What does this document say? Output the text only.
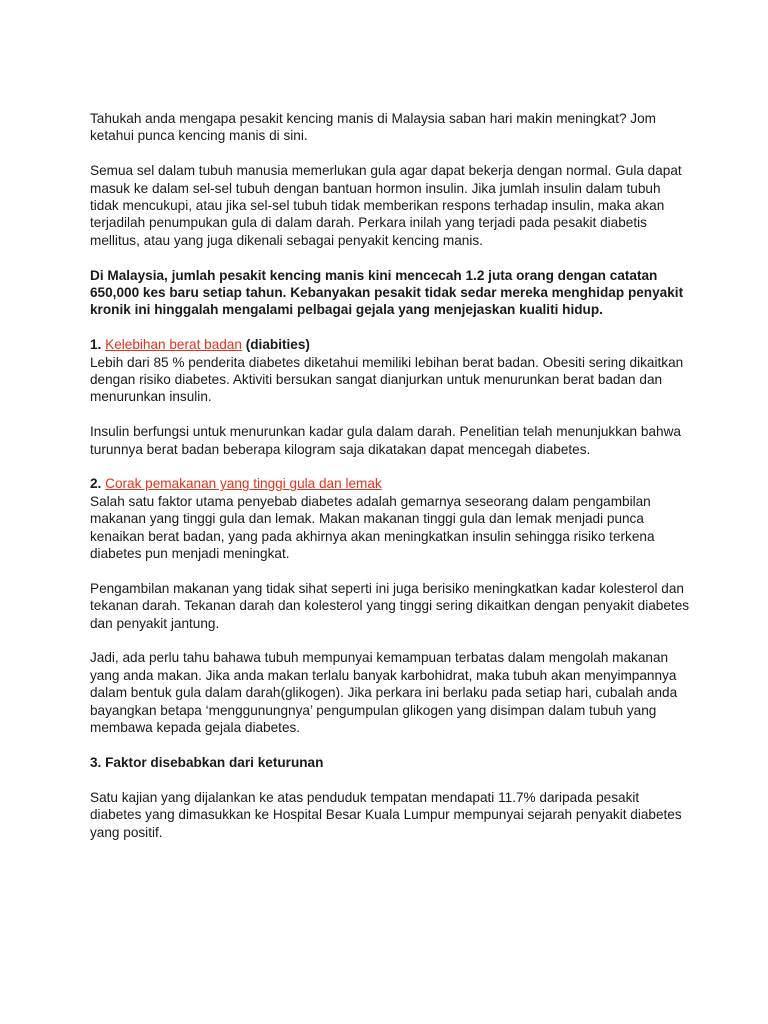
Tahukah anda mengapa pesakit kencing manis di Malaysia saban hari makin meningkat? Jom ketahui punca kencing manis di sini.

Semua sel dalam tubuh manusia memerlukan gula agar dapat bekerja dengan normal. Gula dapat masuk ke dalam sel-sel tubuh dengan bantuan hormon insulin. Jika jumlah insulin dalam tubuh tidak mencukupi, atau jika sel-sel tubuh tidak memberikan respons terhadap insulin, maka akan terjadilah penumpukan gula di dalam darah. Perkara inilah yang terjadi pada pesakit diabetis mellitus, atau yang juga dikenali sebagai penyakit kencing manis.

Di Malaysia, jumlah pesakit kencing manis kini mencecah 1.2 juta orang dengan catatan 650,000 kes baru setiap tahun. Kebanyakan pesakit tidak sedar mereka menghidap penyakit kronik ini hinggalah mengalami pelbagai gejala yang menjejaskan kualiti hidup.

1. Kelebihan berat badan (diabities)

Lebih dari 85 % penderita diabetes diketahui memiliki lebihan berat badan. Obesiti sering dikaitkan dengan risiko diabetes. Aktiviti bersukan sangat dianjurkan untuk menurunkan berat badan dan menurunkan insulin.

Insulin berfungsi untuk menurunkan kadar gula dalam darah. Penelitian telah menunjukkan bahwa turunnya berat badan beberapa kilogram saja dikatakan dapat mencegah diabetes.

2. Corak pemakanan yang tinggi gula dan lemak

Salah satu faktor utama penyebab diabetes adalah gemarnya seseorang dalam pengambilan makanan yang tinggi gula dan lemak. Makan makanan tinggi gula dan lemak menjadi punca kenaikan berat badan, yang pada akhirnya akan meningkatkan insulin sehingga risiko terkena diabetes pun menjadi meningkat.

Pengambilan makanan yang tidak sihat seperti ini juga berisiko meningkatkan kadar kolesterol dan tekanan darah. Tekanan darah dan kolesterol yang tinggi sering dikaitkan dengan penyakit diabetes dan penyakit jantung.

Jadi, ada perlu tahu bahawa tubuh mempunyai kemampuan terbatas dalam mengolah makanan yang anda makan. Jika anda makan terlalu banyak karbohidrat, maka tubuh akan menyimpannya dalam bentuk gula dalam darah(glikogen). Jika perkara ini berlaku pada setiap hari, cubalah anda bayangkan betapa ‘menggunungnya’ pengumpulan glikogen yang disimpan dalam tubuh yang membawa kepada gejala diabetes.

3. Faktor disebabkan dari keturunan

Satu kajian yang dijalankan ke atas penduduk tempatan mendapati 11.7% daripada pesakit diabetes yang dimasukkan ke Hospital Besar Kuala Lumpur mempunyai sejarah penyakit diabetes yang positif.
